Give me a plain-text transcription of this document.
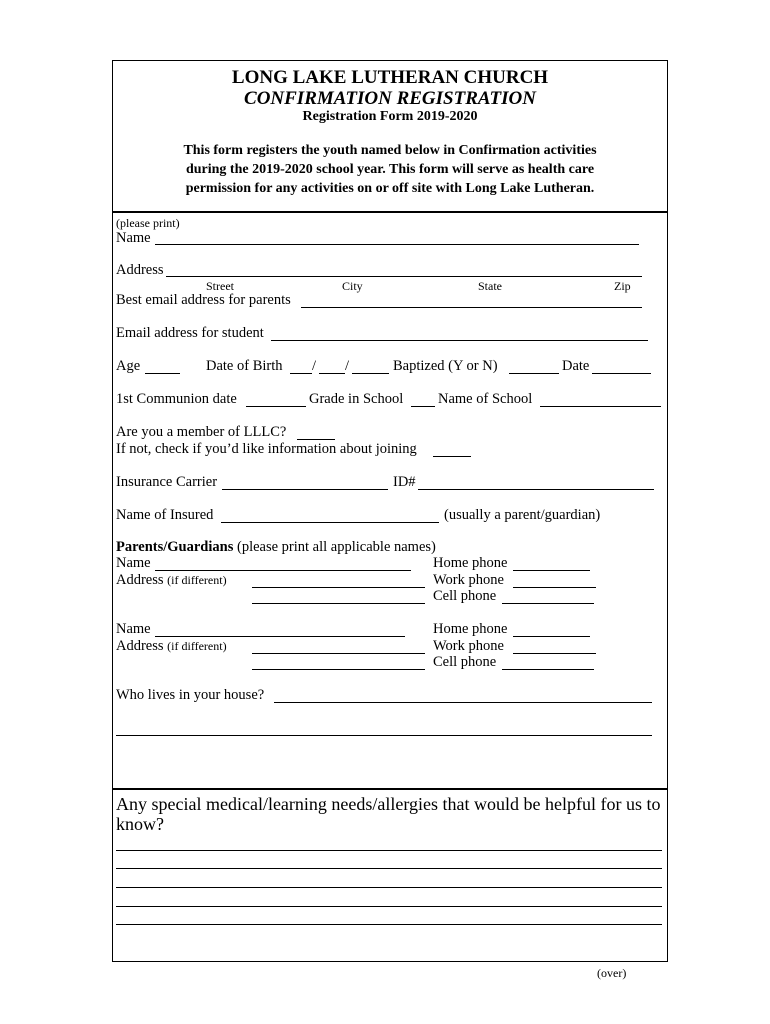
LONG LAKE LUTHERAN CHURCH
CONFIRMATION REGISTRATION
Registration Form 2019-2020
This form registers the youth named below in Confirmation activities
during the 2019-2020 school year. This form will serve as health care
permission for any activities on or off site with Long Lake Lutheran.
(please print)
Name
Address
Street	City	State	Zip
Best email address for parents
Email address for student
Age	Date of Birth / /	Baptized (Y or N)	Date
1st Communion date	Grade in School Name of School
Are you a member of LLLC?
If not, check if you’d like information about joining
Insurance Carrier	ID#
Name of Insured	(usually a parent/guardian)
Parents/Guardians (please print all applicable names)
Name	Home phone
Address (if different)	Work phone
Cell phone
Name	Home phone
Address (if different)	Work phone
Cell phone
Who lives in your house?
Any special medical/learning needs/allergies that would be helpful for us to know?
(over)
